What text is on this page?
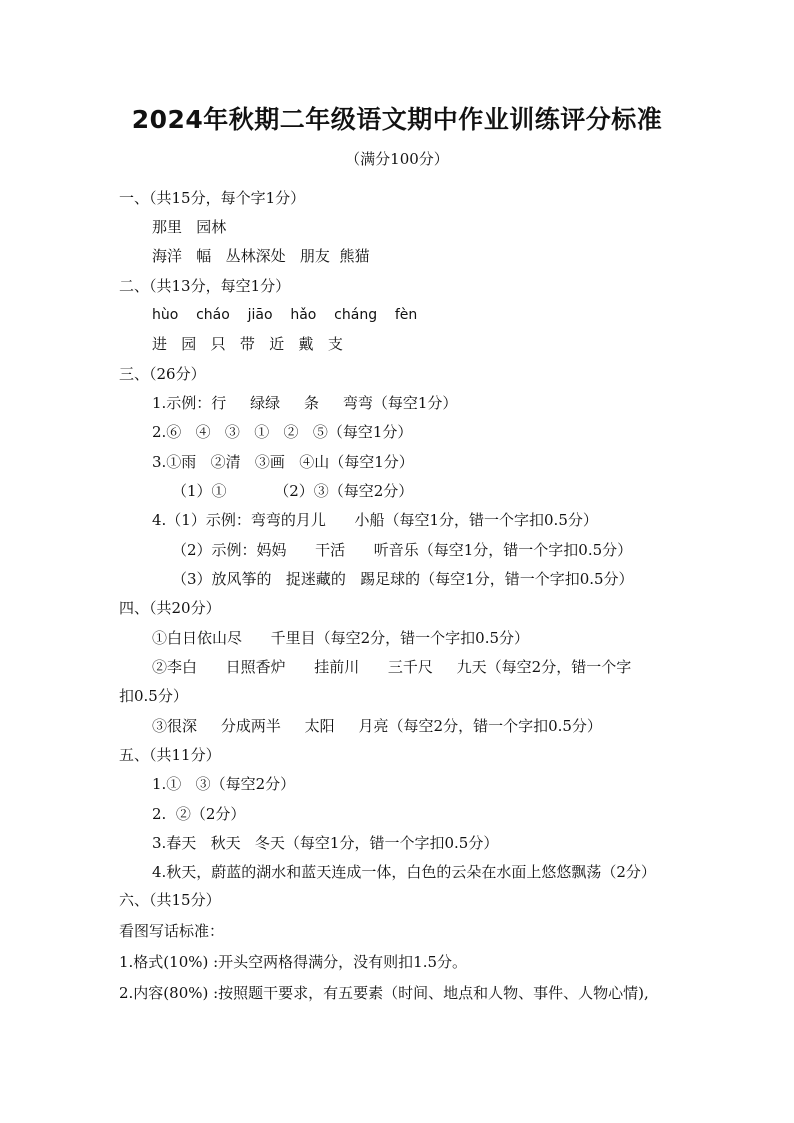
2024年秋期二年级语文期中作业训练评分标准
（满分100分）
一、（共15分，每个字1分）
那里   园林
海洋   幅   丛林深处   朋友  熊猫
二、（共13分，每空1分）
hùo    cháo    jiāo    hǎo    cháng    fèn
进   园   只   带   近   戴   支
三、（26分）
1.示例：行     绿绿     条     弯弯（每空1分）
2.⑥   ④   ③   ①   ②   ⑤（每空1分）
3.①雨   ②清   ③画   ④山（每空1分）
（1）①          （2）③（每空2分）
4.（1）示例：弯弯的月儿      小船（每空1分，错一个字扣0.5分）
（2）示例：妈妈      干活      听音乐（每空1分，错一个字扣0.5分）
（3）放风筝的   捉迷藏的   踢足球的（每空1分，错一个字扣0.5分）
四、（共20分）
①白日依山尽      千里目（每空2分，错一个字扣0.5分）
②李白      日照香炉      挂前川      三千尺     九天（每空2分，错一个字
扣0.5分）
③很深     分成两半     太阳     月亮（每空2分，错一个字扣0.5分）
五、（共11分）
1.①   ③（每空2分）
2.  ②（2分）
3.春天   秋天   冬天（每空1分，错一个字扣0.5分）
4.秋天，蔚蓝的湖水和蓝天连成一体，白色的云朵在水面上悠悠飘荡（2分）
六、（共15分）
看图写话标准：
1.格式(10%) :开头空两格得满分，没有则扣1.5分。
2.内容(80%) :按照题干要求，有五要素（时间、地点和人物、事件、人物心情),
